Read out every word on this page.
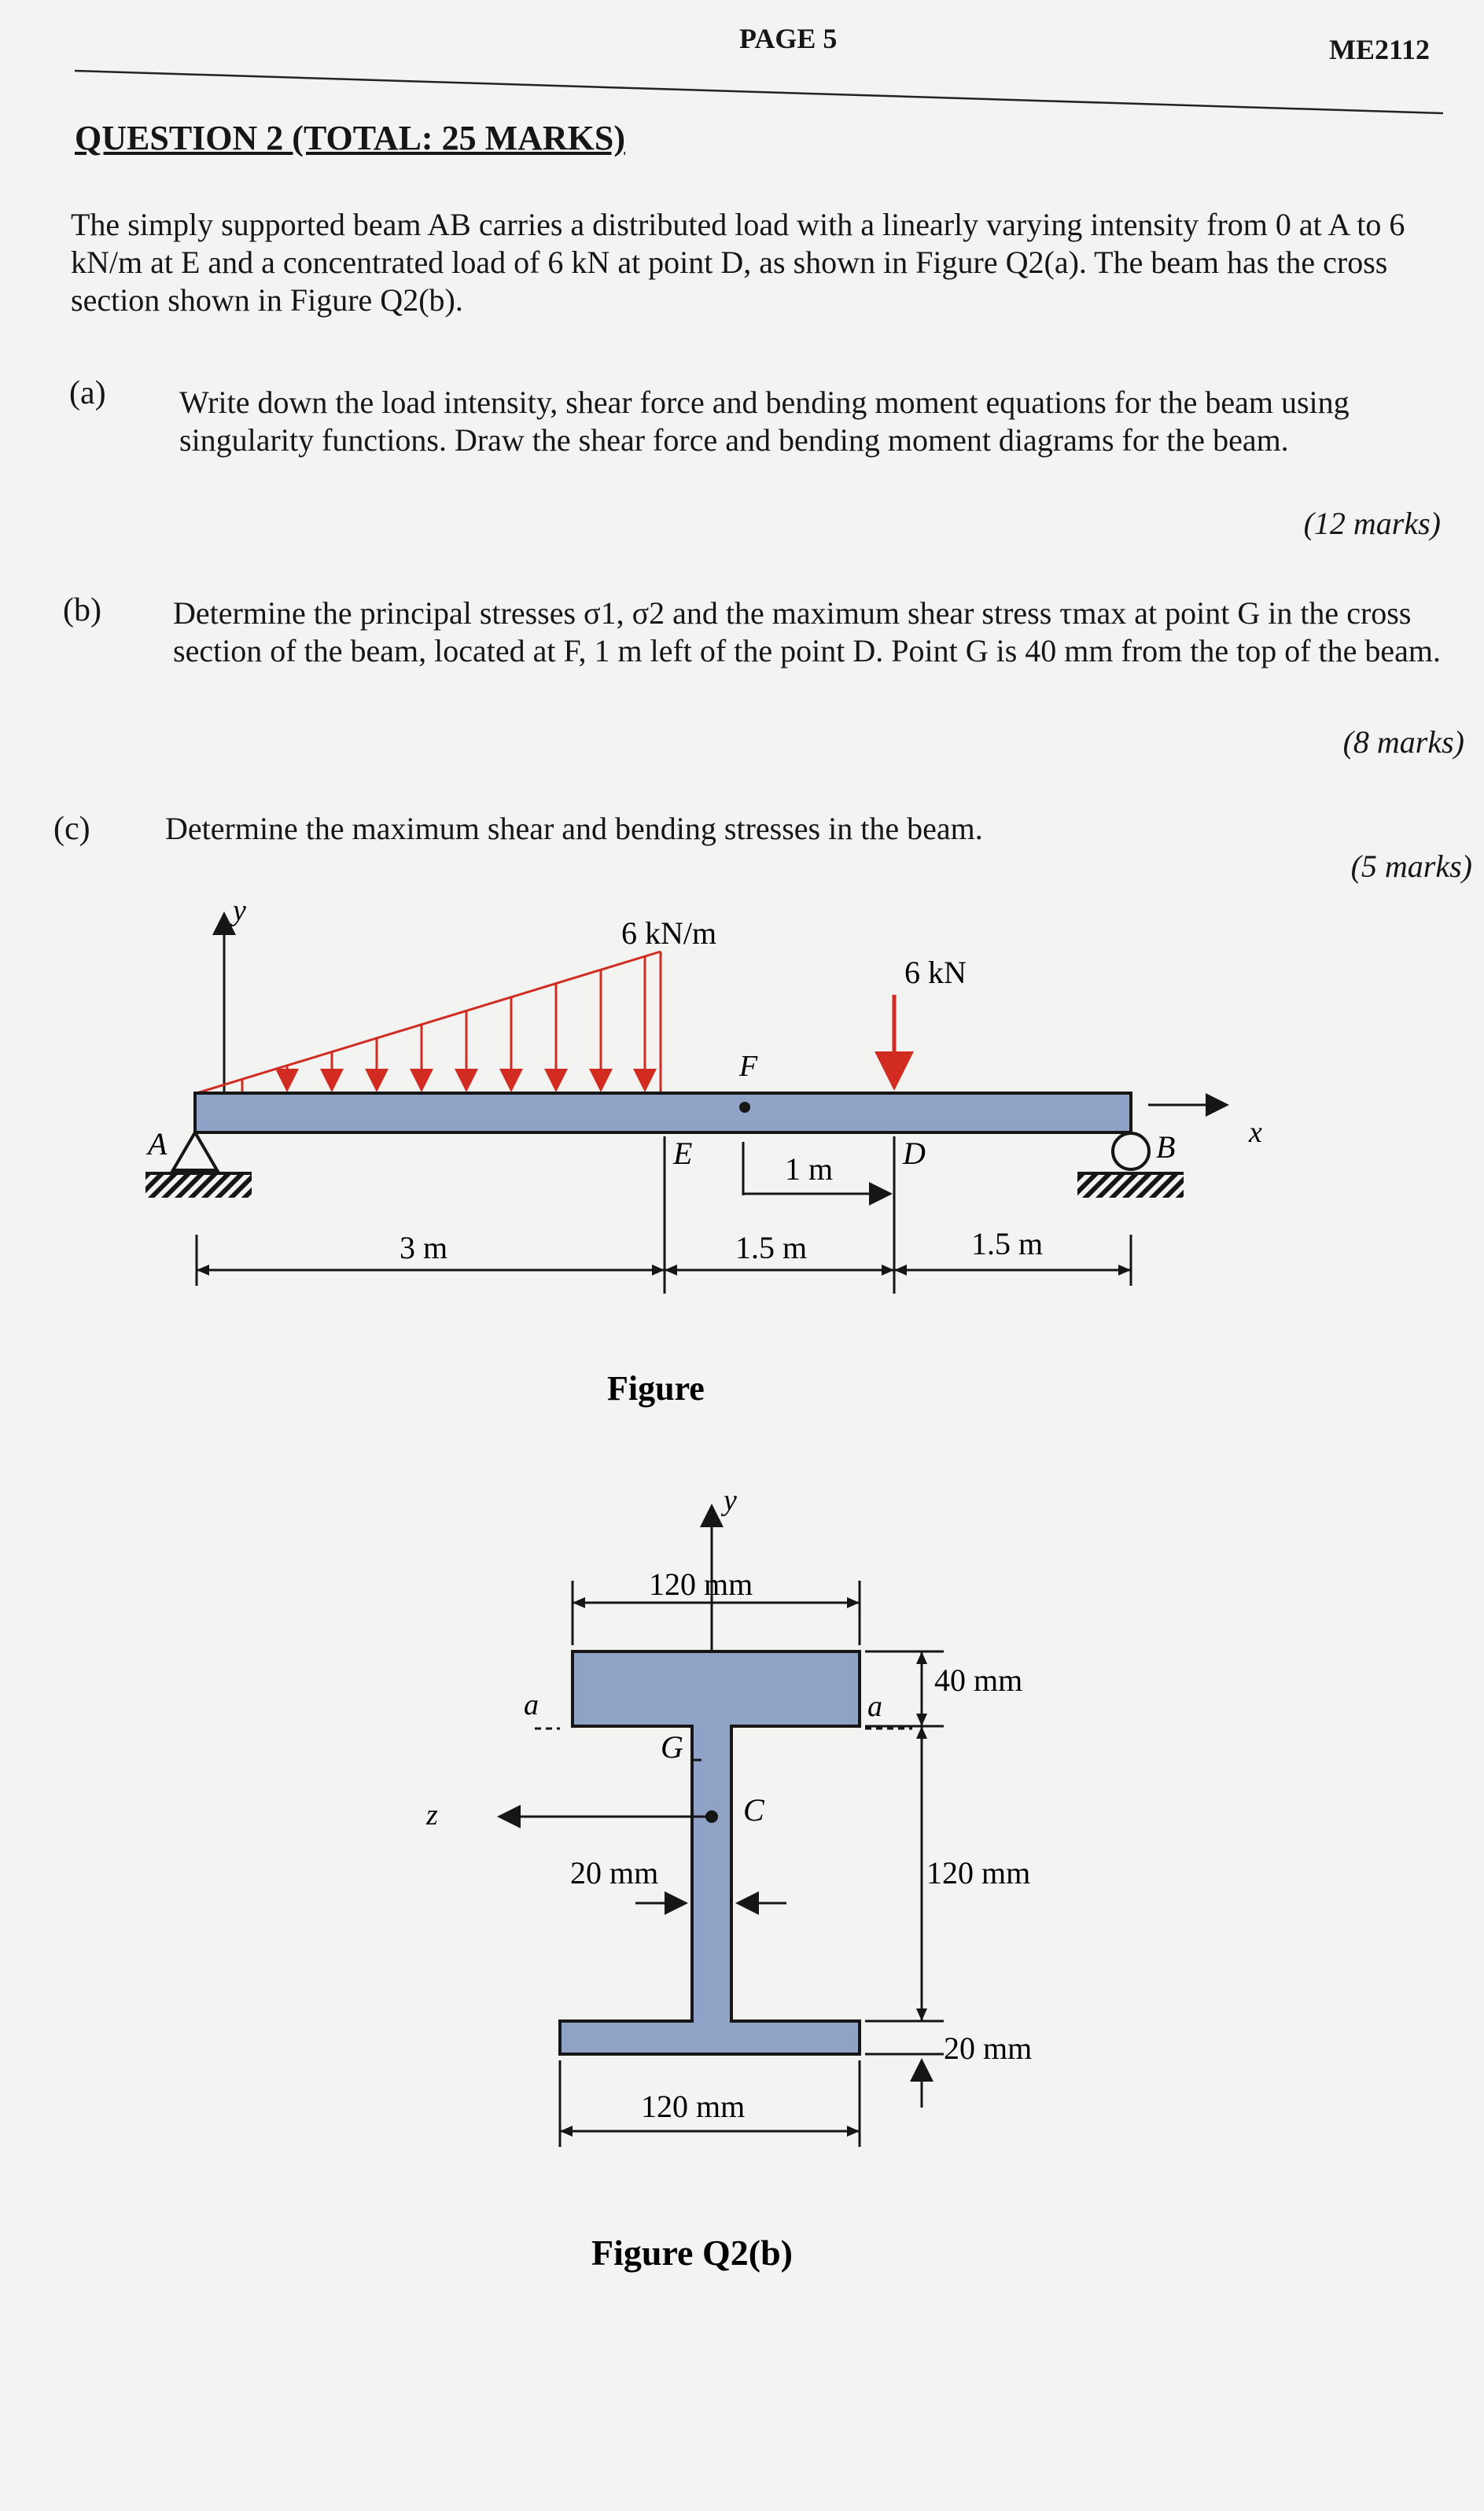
PAGE 5	ME2112
QUESTION 2 (TOTAL: 25 MARKS)
The simply supported beam AB carries a distributed load with a linearly varying intensity from 0 at A to 6 kN/m at E and a concentrated load of 6 kN at point D, as shown in Figure Q2(a). The beam has the cross section shown in Figure Q2(b).
(a) Write down the load intensity, shear force and bending moment equations for the beam using singularity functions. Draw the shear force and bending moment diagrams for the beam.
(12 marks)
(b) Determine the principal stresses σ1, σ2 and the maximum shear stress τmax at point G in the cross section of the beam, located at F, 1 m left of the point D. Point G is 40 mm from the top of the beam.
(8 marks)
(c) Determine the maximum shear and bending stresses in the beam.
(5 marks)
y
6 kN/m
6 kN
F
A	B x
E	D
1 m
3 m	1.5 m	1.5 m
Figure
y
z	C
G
a	a
120 mm
40 mm
120 mm
20 mm
20 mm
120 mm
Figure Q2(b)
